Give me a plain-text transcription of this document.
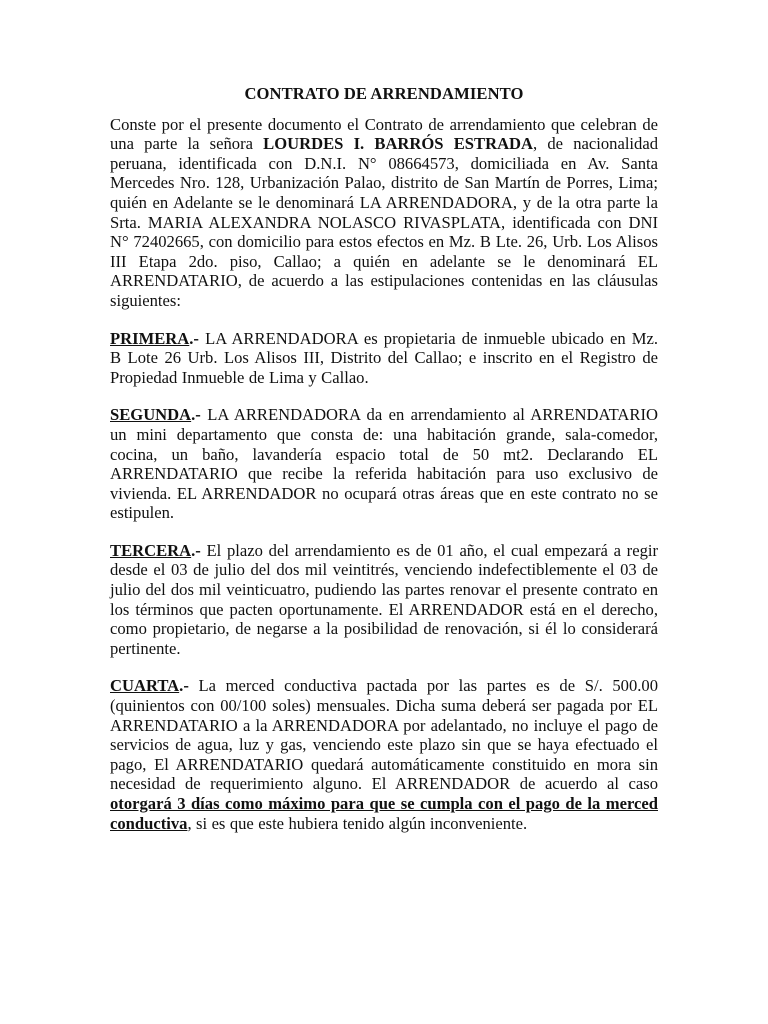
CONTRATO DE ARRENDAMIENTO

Conste por el presente documento el Contrato de arrendamiento que celebran de una parte la señora LOURDES I. BARRÓS ESTRADA, de nacionalidad peruana, identificada con D.N.I. N° 08664573, domiciliada en Av. Santa Mercedes Nro. 128, Urbanización Palao, distrito de San Martín de Porres, Lima; quién en Adelante se le denominará LA ARRENDADORA, y de la otra parte la Srta. MARIA ALEXANDRA NOLASCO RIVASPLATA, identificada con DNI N° 72402665, con domicilio para estos efectos en Mz. B Lte. 26, Urb. Los Alisos III Etapa 2do. piso, Callao; a quién en adelante se le denominará EL ARRENDATARIO, de acuerdo a las estipulaciones contenidas en las cláusulas siguientes:

PRIMERA.- LA ARRENDADORA es propietaria de inmueble ubicado en Mz. B Lote 26 Urb. Los Alisos III, Distrito del Callao; e inscrito en el Registro de Propiedad Inmueble de Lima y Callao.

SEGUNDA.- LA ARRENDADORA da en arrendamiento al ARRENDATARIO un mini departamento que consta de: una habitación grande, sala-comedor, cocina, un baño, lavandería espacio total de 50 mt2. Declarando EL ARRENDATARIO que recibe la referida habitación para uso exclusivo de vivienda. EL ARRENDADOR no ocupará otras áreas que en este contrato no se estipulen.

TERCERA.- El plazo del arrendamiento es de 01 año, el cual empezará a regir desde el 03 de julio del dos mil veintitrés, venciendo indefectiblemente el 03 de julio del dos mil veinticuatro, pudiendo las partes renovar el presente contrato en los términos que pacten oportunamente. El ARRENDADOR está en el derecho, como propietario, de negarse a la posibilidad de renovación, si él lo considerará pertinente.

CUARTA.- La merced conductiva pactada por las partes es de S/. 500.00 (quinientos con 00/100 soles) mensuales. Dicha suma deberá ser pagada por EL ARRENDATARIO a la ARRENDADORA por adelantado, no incluye el pago de servicios de agua, luz y gas, venciendo este plazo sin que se haya efectuado el pago, El ARRENDATARIO quedará automáticamente constituido en mora sin necesidad de requerimiento alguno. El ARRENDADOR de acuerdo al caso otorgará 3 días como máximo para que se cumpla con el pago de la merced conductiva, si es que este hubiera tenido algún inconveniente.
